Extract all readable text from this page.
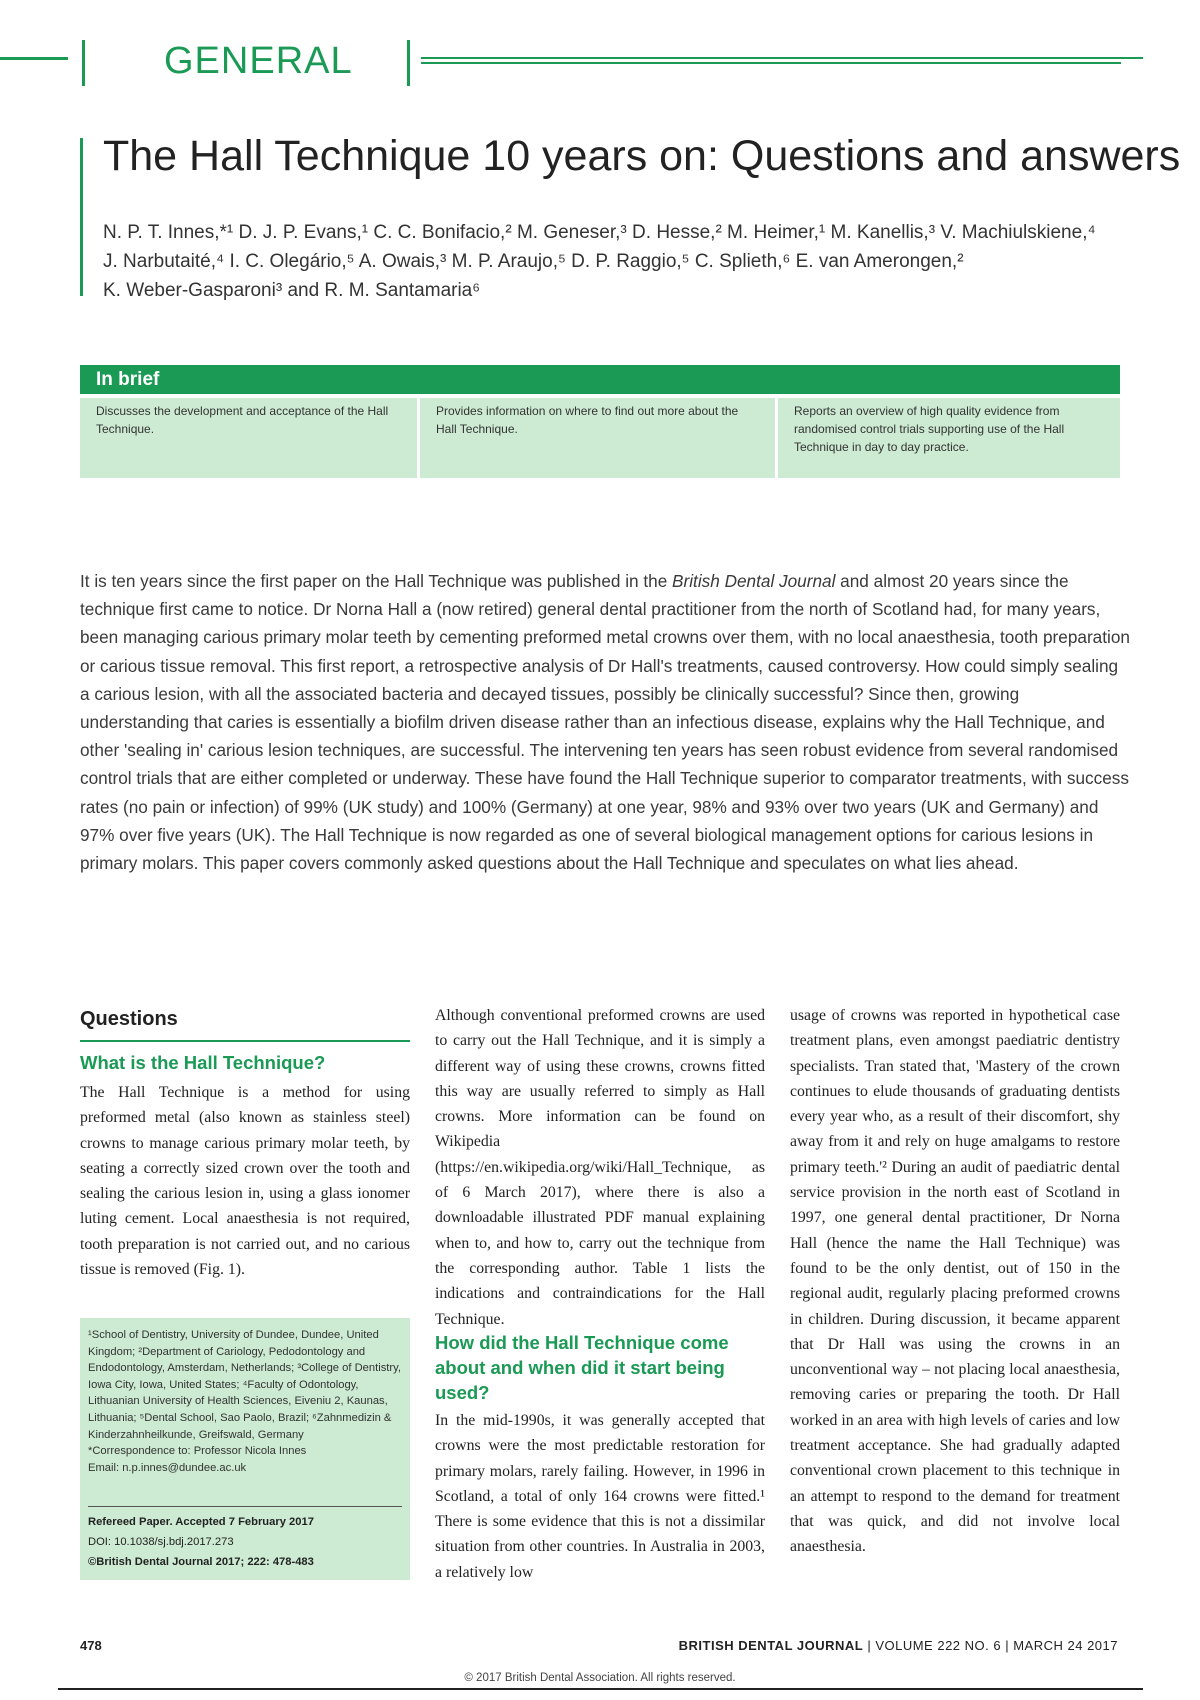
GENERAL
The Hall Technique 10 years on: Questions and answers
N. P. T. Innes,*¹ D. J. P. Evans,¹ C. C. Bonifacio,² M. Geneser,³ D. Hesse,² M. Heimer,¹ M. Kanellis,³ V. Machiulskiene,⁴
J. Narbutaité,⁴ I. C. Olegário,⁵ A. Owais,³ M. P. Araujo,⁵ D. P. Raggio,⁵ C. Splieth,⁶ E. van Amerongen,²
K. Weber-Gasparoni³ and R. M. Santamaria⁶
In brief
Discusses the development and acceptance of the Hall Technique.
Provides information on where to find out more about the Hall Technique.
Reports an overview of high quality evidence from randomised control trials supporting use of the Hall Technique in day to day practice.
It is ten years since the first paper on the Hall Technique was published in the British Dental Journal and almost 20 years since the technique first came to notice. Dr Norna Hall a (now retired) general dental practitioner from the north of Scotland had, for many years, been managing carious primary molar teeth by cementing preformed metal crowns over them, with no local anaesthesia, tooth preparation or carious tissue removal. This first report, a retrospective analysis of Dr Hall's treatments, caused controversy. How could simply sealing a carious lesion, with all the associated bacteria and decayed tissues, possibly be clinically successful? Since then, growing understanding that caries is essentially a biofilm driven disease rather than an infectious disease, explains why the Hall Technique, and other 'sealing in' carious lesion techniques, are successful. The intervening ten years has seen robust evidence from several randomised control trials that are either completed or underway. These have found the Hall Technique superior to comparator treatments, with success rates (no pain or infection) of 99% (UK study) and 100% (Germany) at one year, 98% and 93% over two years (UK and Germany) and 97% over five years (UK). The Hall Technique is now regarded as one of several biological management options for carious lesions in primary molars. This paper covers commonly asked questions about the Hall Technique and speculates on what lies ahead.
Questions
What is the Hall Technique?
The Hall Technique is a method for using preformed metal (also known as stainless steel) crowns to manage carious primary molar teeth, by seating a correctly sized crown over the tooth and sealing the carious lesion in, using a glass ionomer luting cement. Local anaesthesia is not required, tooth preparation is not carried out, and no carious tissue is removed (Fig. 1).
¹School of Dentistry, University of Dundee, Dundee, United Kingdom; ²Department of Cariology, Pedodontology and Endodontology, Amsterdam, Netherlands; ³College of Dentistry, Iowa City, Iowa, United States; ⁴Faculty of Odontology, Lithuanian University of Health Sciences, Eiveniu 2, Kaunas, Lithuania; ⁵Dental School, Sao Paolo, Brazil; ⁶Zahnmedizin & Kinderzahnheilkunde, Greifswald, Germany
*Correspondence to: Professor Nicola Innes
Email: n.p.innes@dundee.ac.uk
Refereed Paper. Accepted 7 February 2017
DOI: 10.1038/sj.bdj.2017.273
©British Dental Journal 2017; 222: 478-483
Although conventional preformed crowns are used to carry out the Hall Technique, and it is simply a different way of using these crowns, crowns fitted this way are usually referred to simply as Hall crowns. More information can be found on Wikipedia (https://en.wikipedia.org/wiki/Hall_Technique, as of 6 March 2017), where there is also a downloadable illustrated PDF manual explaining when to, and how to, carry out the technique from the corresponding author. Table 1 lists the indications and contraindications for the Hall Technique.
How did the Hall Technique come about and when did it start being used?
In the mid-1990s, it was generally accepted that crowns were the most predictable restoration for primary molars, rarely failing. However, in 1996 in Scotland, a total of only 164 crowns were fitted.¹ There is some evidence that this is not a dissimilar situation from other countries. In Australia in 2003, a relatively low
usage of crowns was reported in hypothetical case treatment plans, even amongst paediatric dentistry specialists. Tran stated that, 'Mastery of the crown continues to elude thousands of graduating dentists every year who, as a result of their discomfort, shy away from it and rely on huge amalgams to restore primary teeth.'² During an audit of paediatric dental service provision in the north east of Scotland in 1997, one general dental practitioner, Dr Norna Hall (hence the name the Hall Technique) was found to be the only dentist, out of 150 in the regional audit, regularly placing preformed crowns in children. During discussion, it became apparent that Dr Hall was using the crowns in an unconventional way – not placing local anaesthesia, removing caries or preparing the tooth. Dr Hall worked in an area with high levels of caries and low treatment acceptance. She had gradually adapted conventional crown placement to this technique in an attempt to respond to the demand for treatment that was quick, and did not involve local anaesthesia.
478	BRITISH DENTAL JOURNAL | VOLUME 222 NO. 6 | MARCH 24 2017
© 2017 British Dental Association. All rights reserved.
